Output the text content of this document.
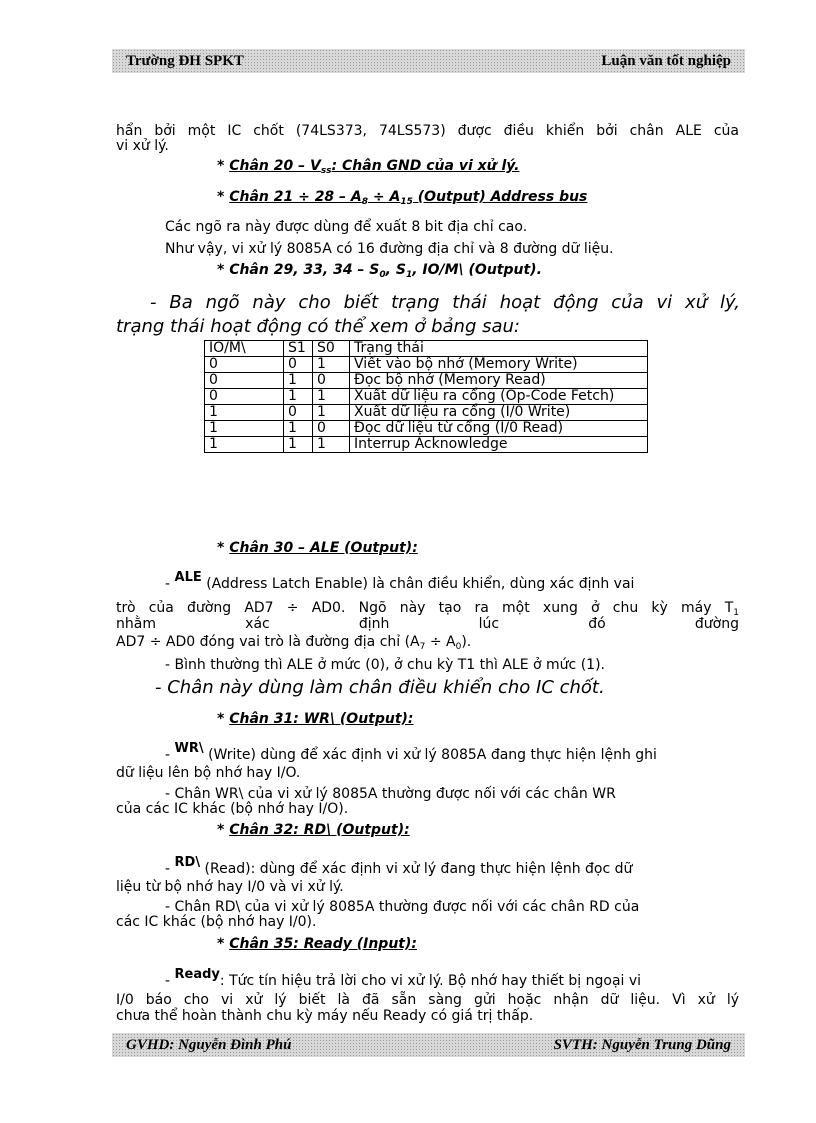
Trường ĐH SPKT	Luận văn tốt nghiệp
hẩn bởi một IC chốt (74LS373, 74LS573) được điều khiển bởi chân ALE của
vi xử lý.
* Chân $20 - V_{ss}$: Chân GND của vi xử lý.
* Chân $21 \div 28 - A_8 \div A_{15}$ (Output) Address bus
Các ngõ ra này được dùng để xuất 8 bit địa chỉ cao.
Như vậy, vi xử lý 8085A có 16 đường địa chỉ và 8 đường dữ liệu.
* Chân 29, 33, $34 - S_0$, $S_1$, IO/M\ (Output).
- Ba ngõ này cho biết trạng thái hoạt động của vi xử lý,
trạng thái hoạt động có thể xem ở bảng sau:
IO/M\	S1	S0	Trạng thái
0	0	1	Viết vào bộ nhớ (Memory Write)
0	1	0	Đọc bộ nhớ (Memory Read)
0	1	1	Xuất dữ liệu ra cổng (Op-Code Fetch)
1	0	1	Xuất dữ liệu ra cổng (I/0 Write)
1	1	0	Đọc dữ liệu từ cổng (I/0 Read)
1	1	1	Interrup Acknowledge
* Chân 30 – ALE (Output):
- ALE (Address Latch Enable) là chân điều khiển, dùng xác định vai
trò của đường AD7 ÷ AD0. Ngõ này tạo ra một xung ở chu kỳ máy $T_1$
nhằm xác định lúc đó đường
AD7 ÷ AD0 đóng vai trò là đường địa chỉ $(A_7 \div A_0)$.
- Bình thường thì ALE ở mức (0), ở chu kỳ T1 thì ALE ở mức (1).
- Chân này dùng làm chân điều khiển cho IC chốt.
* Chân 31: WR\ (Output):
- WR\ (Write) dùng để xác định vi xử lý 8085A đang thực hiện lệnh ghi
dữ liệu lên bộ nhớ hay I/O.
- Chân WR\ của vi xử lý 8085A thường được nối với các chân WR
của các IC khác (bộ nhớ hay I/O).
* Chân 32: RD\ (Output):
- RD\ (Read): dùng để xác định vi xử lý đang thực hiện lệnh đọc dữ
liệu từ bộ nhớ hay I/0 và vi xử lý.
- Chân RD\ của vi xử lý 8085A thường được nối với các chân RD của
các IC khác (bộ nhớ hay I/0).
* Chân 35: Ready (Input):
- Ready: Tức tín hiệu trả lời cho vi xử lý. Bộ nhớ hay thiết bị ngoại vi
I/0 báo cho vi xử lý biết là đã sẵn sàng gửi hoặc nhận dữ liệu. Vì xử lý
chưa thể hoàn thành chu kỳ máy nếu Ready có giá trị thấp.
GVHD: Nguyễn Đình Phú	SVTH: Nguyễn Trung Dũng
